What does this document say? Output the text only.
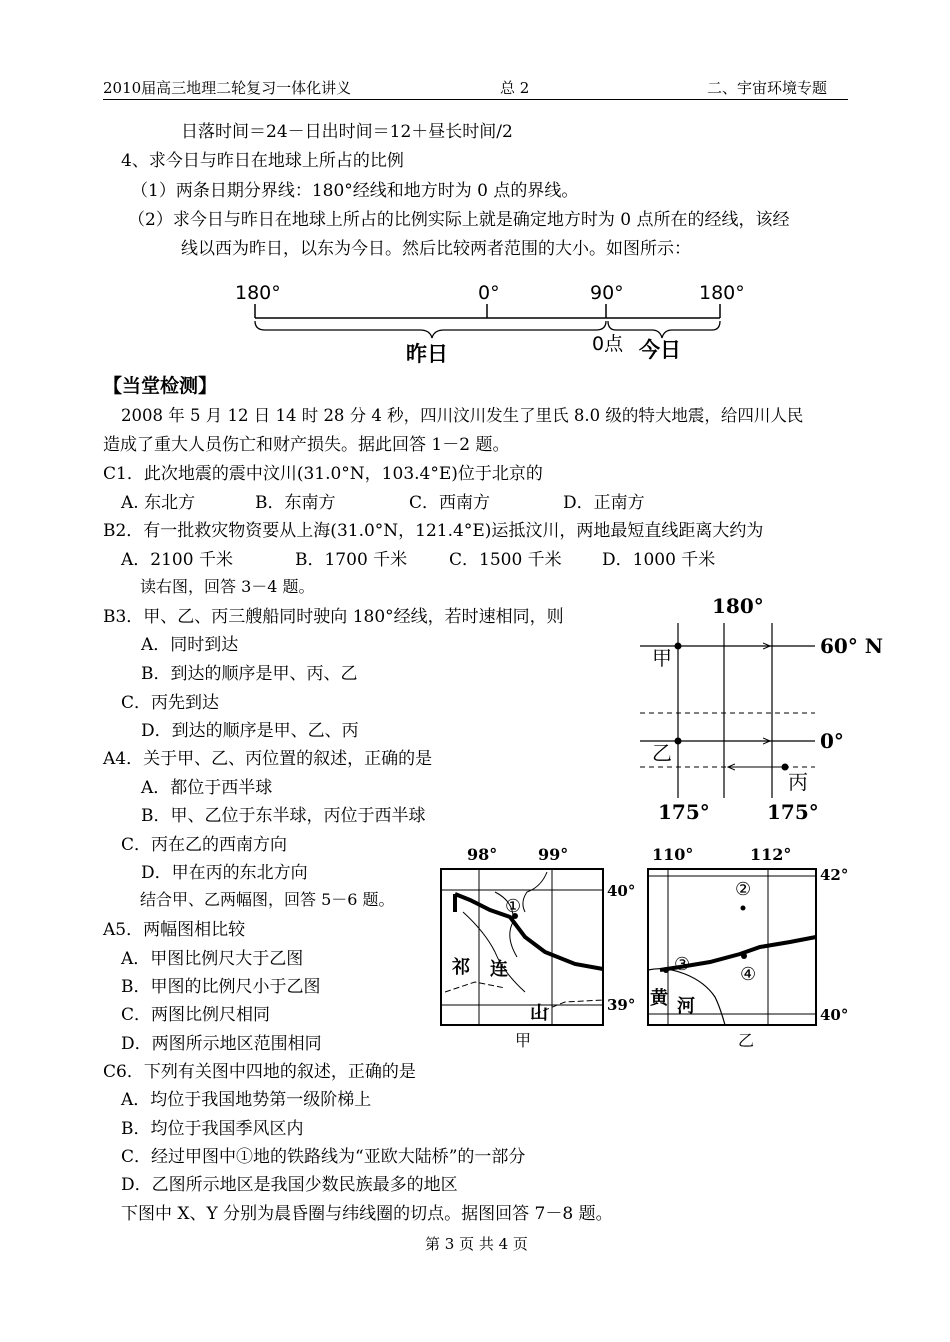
2010届高三地理二轮复习一体化讲义	总 2	二、宇宙环境专题
日落时间＝24－日出时间＝12＋昼长时间/2
4、求今日与昨日在地球上所占的比例
（1）两条日期分界线：180°经线和地方时为 0 点的界线。
（2）求今日与昨日在地球上所占的比例实际上就是确定地方时为 0 点所在的经线，该经
线以西为昨日，以东为今日。然后比较两者范围的大小。如图所示：
180°	0°	90°	180°
昨日	0点 今日
【当堂检测】
2008 年 5 月 12 日 14 时 28 分 4 秒，四川汶川发生了里氏 8.0 级的特大地震，给四川人民
造成了重大人员伤亡和财产损失。据此回答 1－2 题。
C1．此次地震的震中汶川(31.0°N，103.4°E)位于北京的
A. 东北方	B．东南方	C．西南方	D．正南方
B2．有一批救灾物资要从上海(31.0°N，121.4°E)运抵汶川，两地最短直线距离大约为
A．2100 千米	B．1700 千米 C．1500 千米 D．1000 千米
读右图，回答 3－4 题。
B3．甲、乙、丙三艘船同时驶向 180°经线，若时速相同，则
A．同时到达
B．到达的顺序是甲、丙、乙
C．丙先到达
D．到达的顺序是甲、乙、丙
A4．关于甲、乙、丙位置的叙述，正确的是
A．都位于西半球
B．甲、乙位于东半球，丙位于西半球
C．丙在乙的西南方向
D．甲在丙的东北方向
结合甲、乙两幅图，回答 5－6 题。
A5．两幅图相比较
A．甲图比例尺大于乙图
B．甲图的比例尺小于乙图
C．两图比例尺相同
D．两图所示地区范围相同
C6．下列有关图中四地的叙述，正确的是
A．均位于我国地势第一级阶梯上
B．均位于我国季风区内
C．经过甲图中①地的铁路线为“亚欧大陆桥”的一部分
D．乙图所示地区是我国少数民族最多的地区
下图中 X、Y 分别为晨昏圈与纬线圈的切点。据图回答 7－8 题。
180°
60° N
0°
甲
乙
丙
175°	175°
98°	99°
40°
39°
①
祁 连
山
甲
110°	112°
42°
40°
②
③	④
黄 河
乙
第 3 页 共 4 页
